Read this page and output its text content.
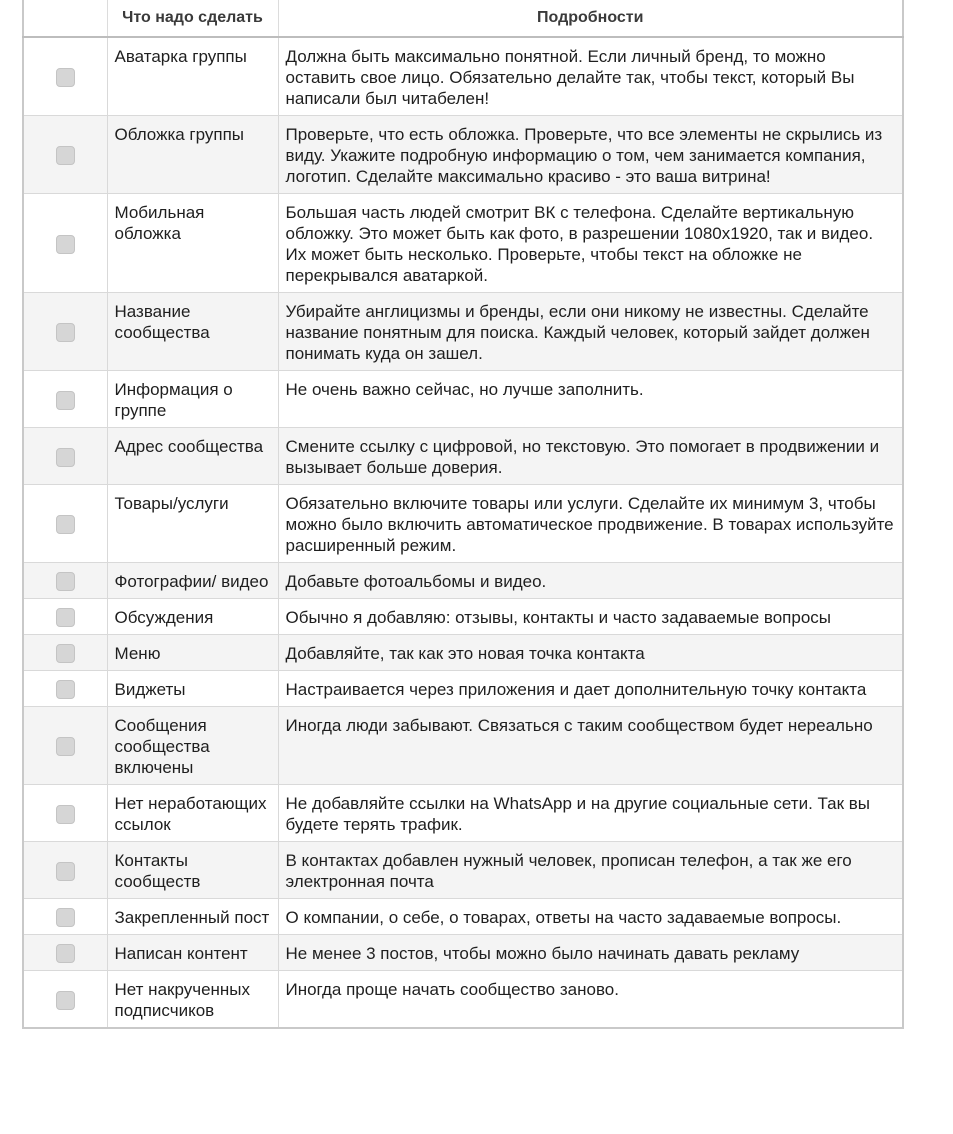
	Что надо сделать	Подробности
	Аватарка группы	Должна быть максимально понятной. Если личный бренд, то можно оставить свое лицо. Обязательно делайте так, чтобы текст, который Вы написали был читабелен!
	Обложка группы	Проверьте, что есть обложка. Проверьте, что все элементы не скрылись из виду. Укажите подробную информацию о том, чем занимается компания, логотип. Сделайте максимально красиво - это ваша витрина!
	Мобильная обложка	Большая часть людей смотрит ВК с телефона. Сделайте вертикальную обложку. Это может быть как фото, в разрешении 1080х1920, так и видео. Их может быть несколько. Проверьте, чтобы текст на обложке не перекрывался аватаркой.
	Название сообщества	Убирайте англицизмы и бренды, если они никому не известны. Сделайте название понятным для поиска. Каждый человек, который зайдет должен понимать куда он зашел.
	Информация о группе	Не очень важно сейчас, но лучше заполнить.
	Адрес сообщества	Смените ссылку с цифровой, но текстовую. Это помогает в продвижении и вызывает больше доверия.
	Товары/услуги	Обязательно включите товары или услуги. Сделайте их минимум 3, чтобы можно было включить автоматическое продвижение. В товарах используйте расширенный режим.
	Фотографии/ видео	Добавьте фотоальбомы и видео.
	Обсуждения	Обычно я добавляю: отзывы, контакты и часто задаваемые вопросы
	Меню	Добавляйте, так как это новая точка контакта
	Виджеты	Настраивается через приложения и дает дополнительную точку контакта
	Сообщения сообщества включены	Иногда люди забывают. Связаться с таким сообществом будет нереально
	Нет неработающих ссылок	Не добавляйте ссылки на WhatsApp и на другие социальные сети. Так вы будете терять трафик.
	Контакты сообществ	В контактах добавлен нужный человек, прописан телефон, а так же его электронная почта
	Закрепленный пост	О компании, о себе, о товарах, ответы на часто задаваемые вопросы.
	Написан контент	Не менее 3 постов, чтобы можно было начинать давать рекламу
	Нет накрученных подписчиков	Иногда проще начать сообщество заново.
